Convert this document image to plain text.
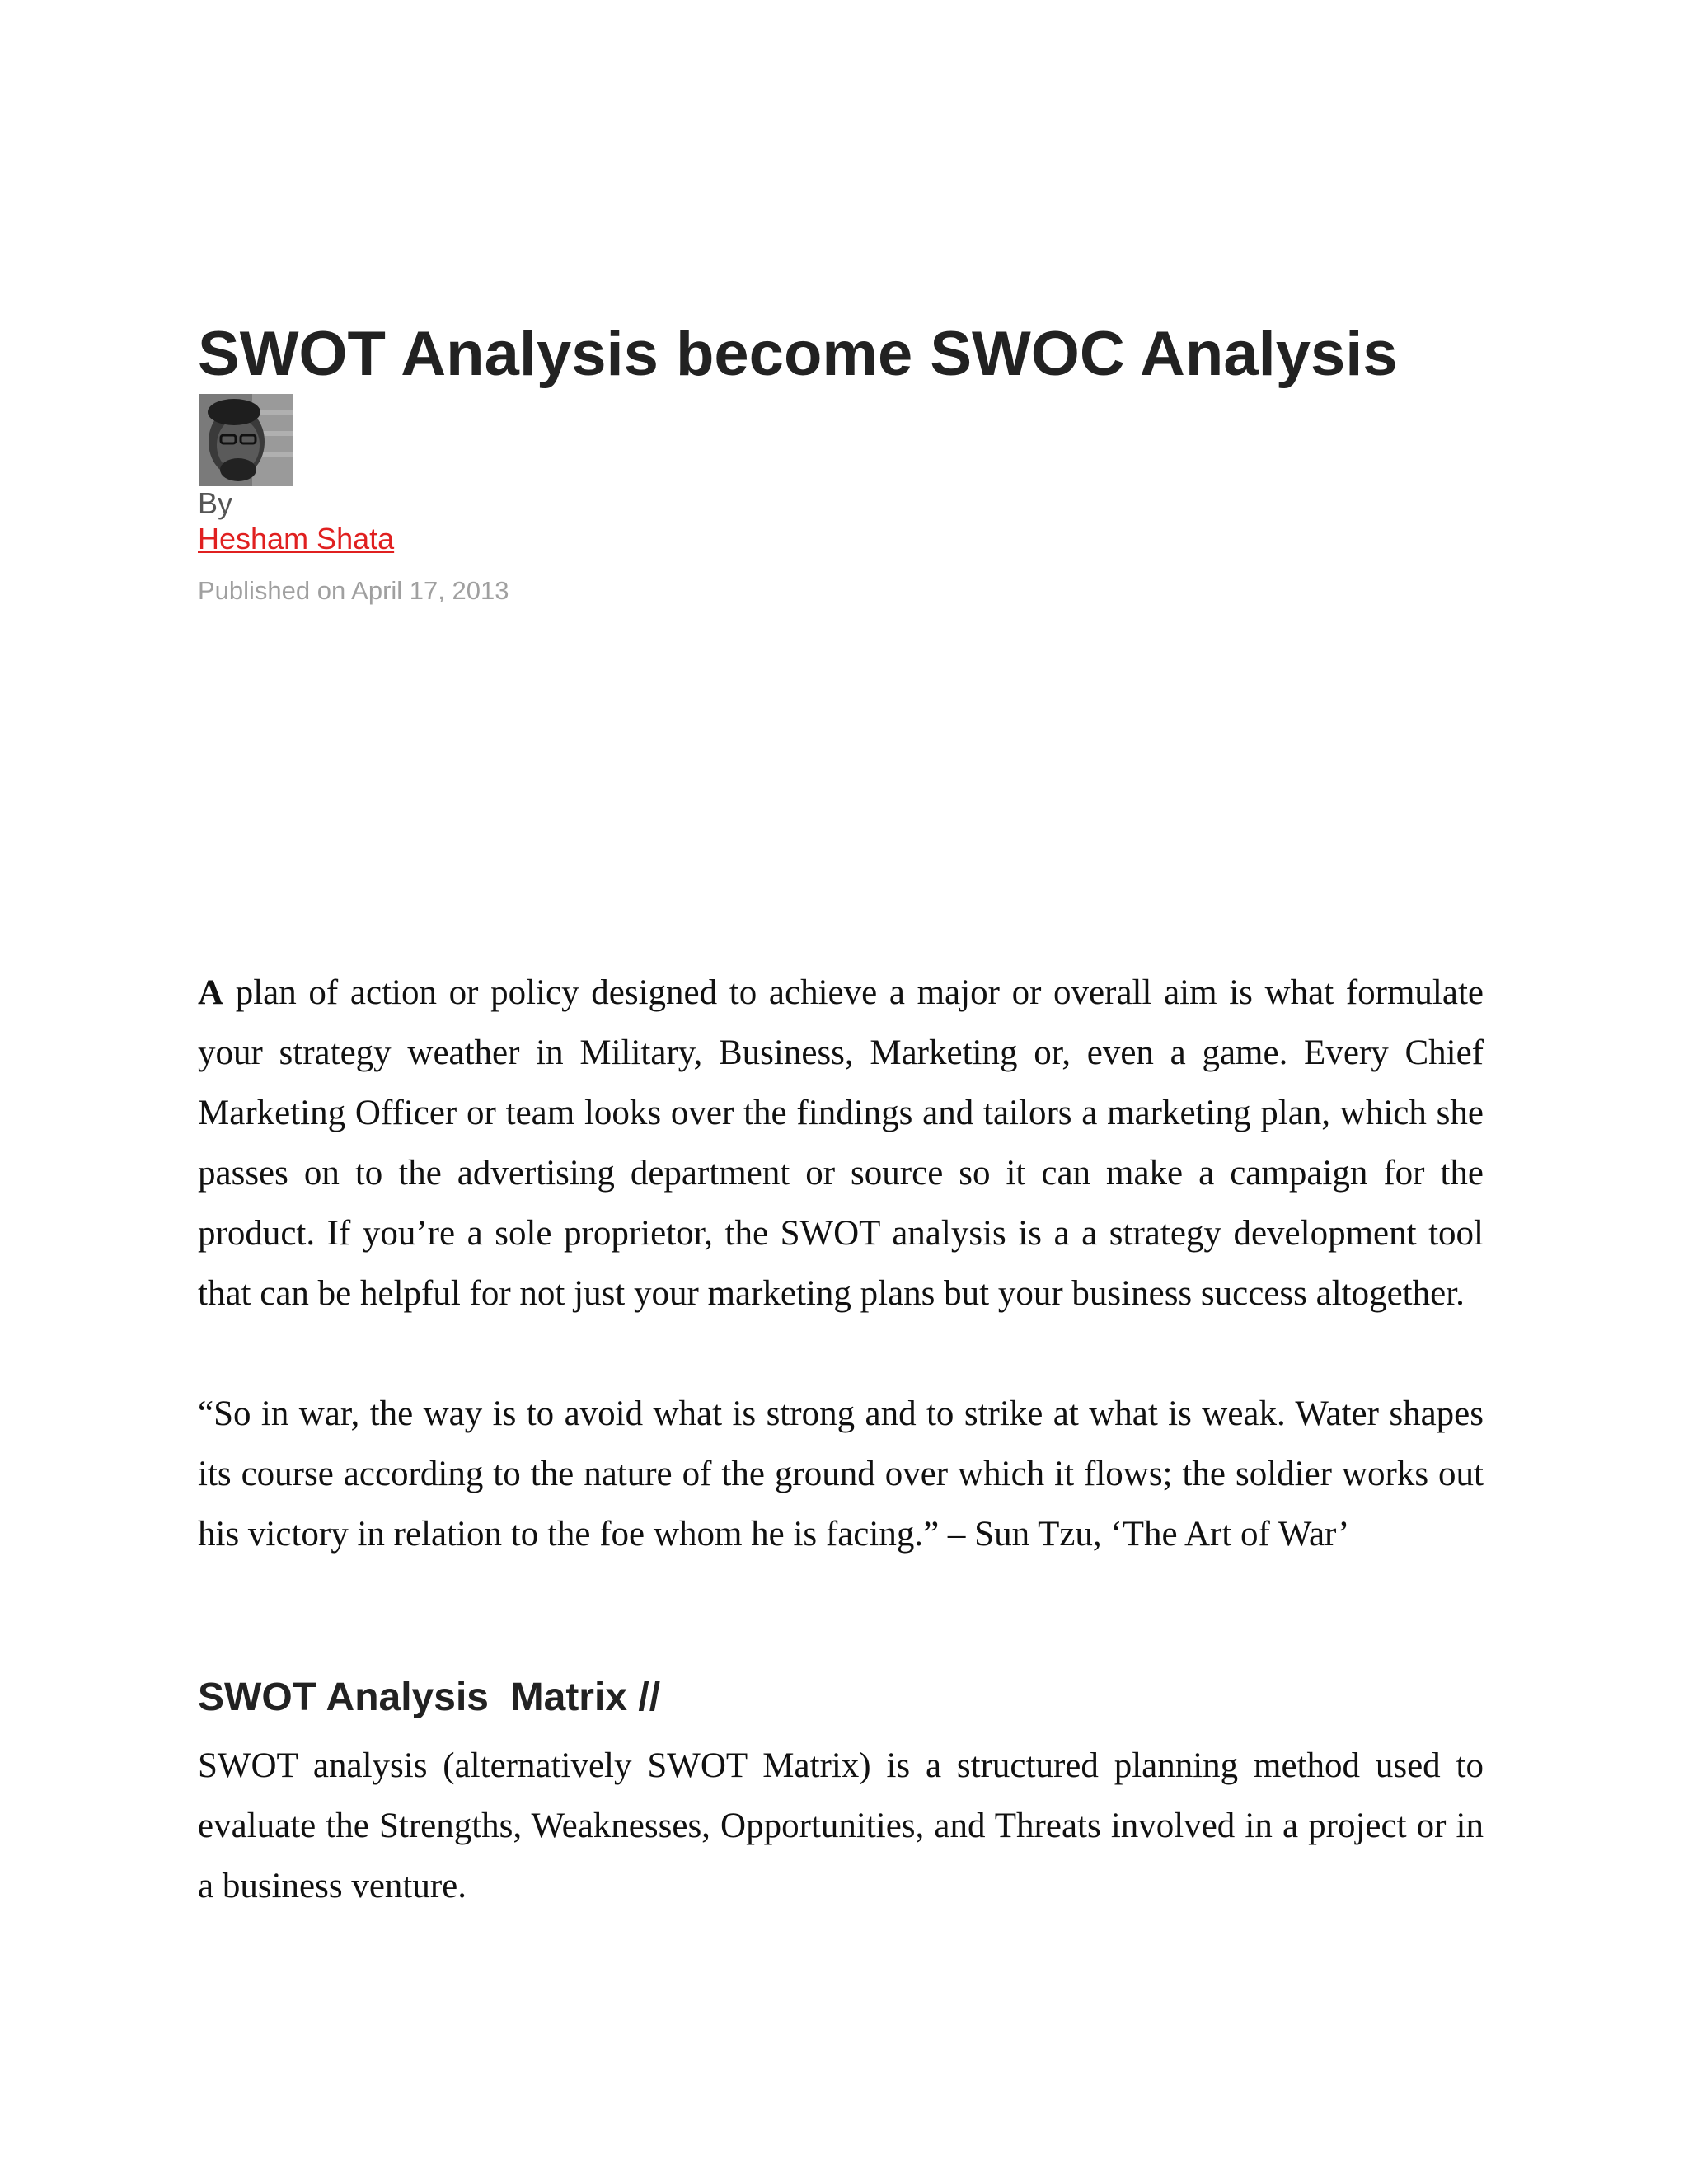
SWOT Analysis become SWOC Analysis
By
Hesham Shata
Published on April 17, 2013

A plan of action or policy designed to achieve a major or overall aim is what formulate your strategy weather in Military, Business, Marketing or, even a game. Every Chief Marketing Officer or team looks over the findings and tailors a marketing plan, which she passes on to the advertising department or source so it can make a campaign for the product. If you’re a sole proprietor, the SWOT analysis is a a strategy development tool that can be helpful for not just your marketing plans but your business success altogether.

“So in war, the way is to avoid what is strong and to strike at what is weak. Water shapes its course according to the nature of the ground over which it flows; the soldier works out his victory in relation to the foe whom he is facing.” – Sun Tzu, ‘The Art of War’

SWOT Analysis  Matrix //

SWOT analysis (alternatively SWOT Matrix) is a structured planning method used to evaluate the Strengths, Weaknesses, Opportunities, and Threats involved in a project or in a business venture.
